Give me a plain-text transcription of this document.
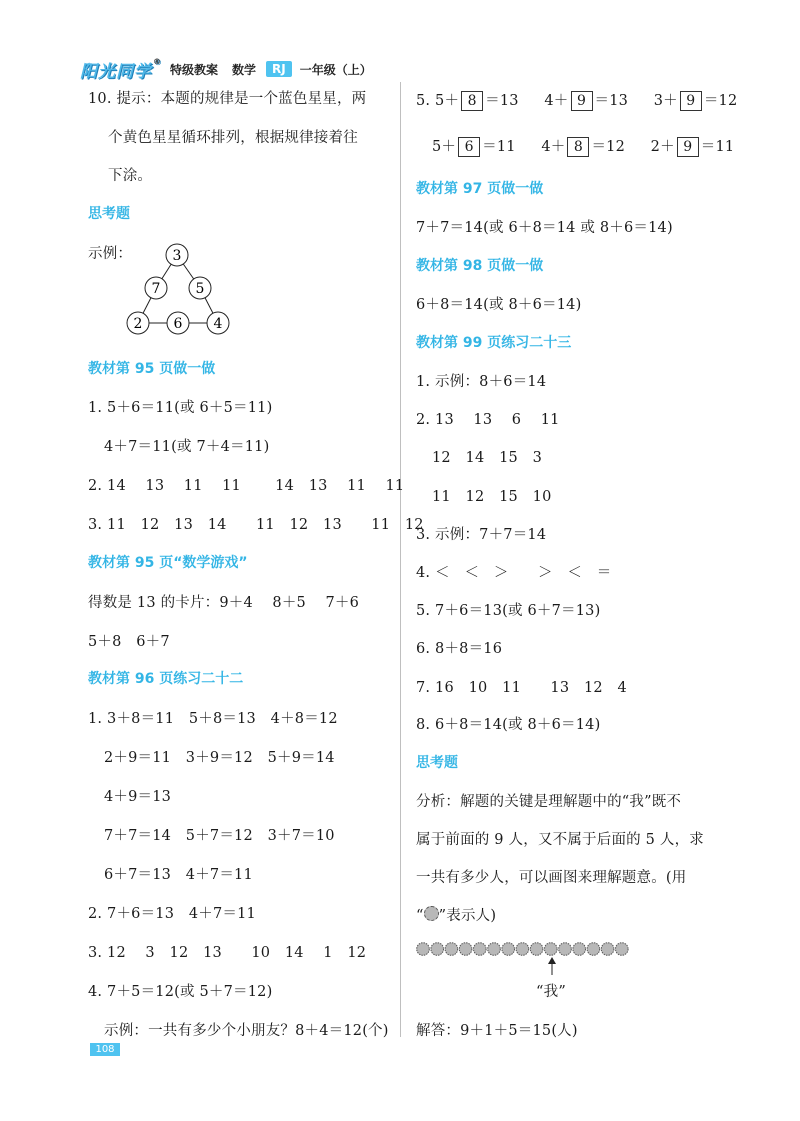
阳光同学®
特级教案 数学	RJ	一年级（上）
10. 提示：本题的规律是一个蓝色星星，两
个黄色星星循环排列，根据规律接着往
下涂。
思考题
示例：	3
7	5
2 6 4
教材第 95 页做一做
1. 5＋6＝11(或 6＋5＝11)
4＋7＝11(或 7＋4＝11)
2. 14　 13　 11　 11　　 14　13　 11　 11
3. 11　12　13　14　　11　12　13　　11　12
教材第 95 页“数学游戏”
得数是 13 的卡片：9＋4　 8＋5　 7＋6
5＋8　6＋7
教材第 96 页练习二十二
1. 3＋8＝11　5＋8＝13　4＋8＝12
2＋9＝11　3＋9＝12　5＋9＝14
4＋9＝13
7＋7＝14　5＋7＝12　3＋7＝10
6＋7＝13　4＋7＝11
2. 7＋6＝13　4＋7＝11
3. 12　 3　12　13　　10　14　 1　12
4. 7＋5＝12(或 5＋7＝12)
示例：一共有多少个小朋友？8＋4＝12(个)
5. 5＋ 8 ＝13 4＋ 9 ＝13 3＋ 9 ＝12
5＋ 6 ＝11 4＋ 8 ＝12 2＋ 9 ＝11
教材第 97 页做一做
7＋7＝14(或 6＋8＝14 或 8＋6＝14)
教材第 98 页做一做
6＋8＝14(或 8＋6＝14)
教材第 99 页练习二十三
1. 示例：8＋6＝14
2. 13　 13　 6　 11
12　14　15　3
11　12　15　10
3. 示例：7＋7＝14
4. ＜　＜　＞　　＞　＜　＝
5. 7＋6＝13(或 6＋7＝13)
6. 8＋8＝16
7. 16　10　11　　13　12　4
8. 6＋8＝14(或 8＋6＝14)
思考题
分析：解题的关键是理解题中的“我”既不
属于前面的 9 人，又不属于后面的 5 人，求
一共有多少人，可以画图来理解题意。(用
“ ”表示人)
“我”
解答：9＋1＋5＝15(人)
108
